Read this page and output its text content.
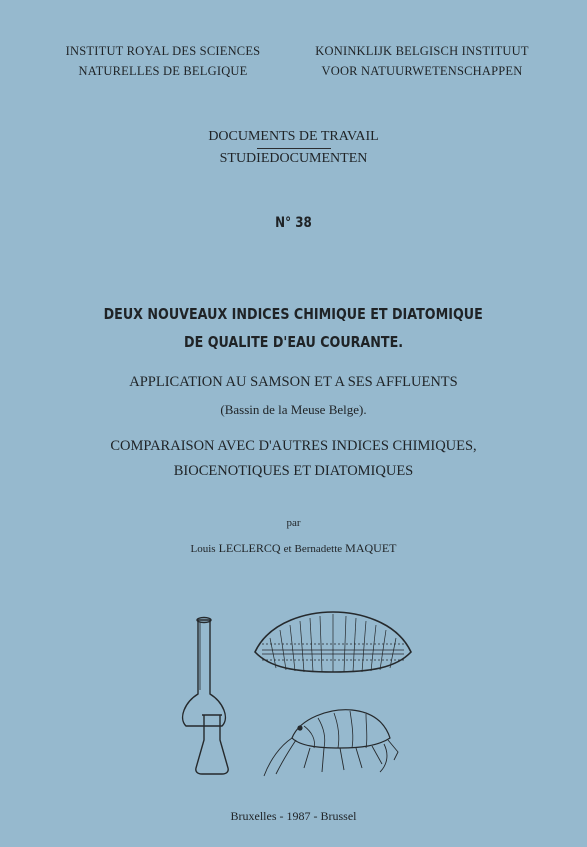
INSTITUT ROYAL DES SCIENCES
NATURELLES DE BELGIQUE
KONINKLIJK BELGISCH INSTITUUT
VOOR NATUURWETENSCHAPPEN
DOCUMENTS DE TRAVAIL
STUDIEDOCUMENTEN
N° 38
DEUX NOUVEAUX INDICES CHIMIQUE ET DIATOMIQUE
DE QUALITE D'EAU COURANTE.
APPLICATION AU SAMSON ET A SES AFFLUENTS
(Bassin de la Meuse Belge).
COMPARAISON AVEC D'AUTRES INDICES CHIMIQUES,
BIOCENOTIQUES ET DIATOMIQUES
par
Louis LECLERCQ et Bernadette MAQUET
Bruxelles - 1987 - Brussel
